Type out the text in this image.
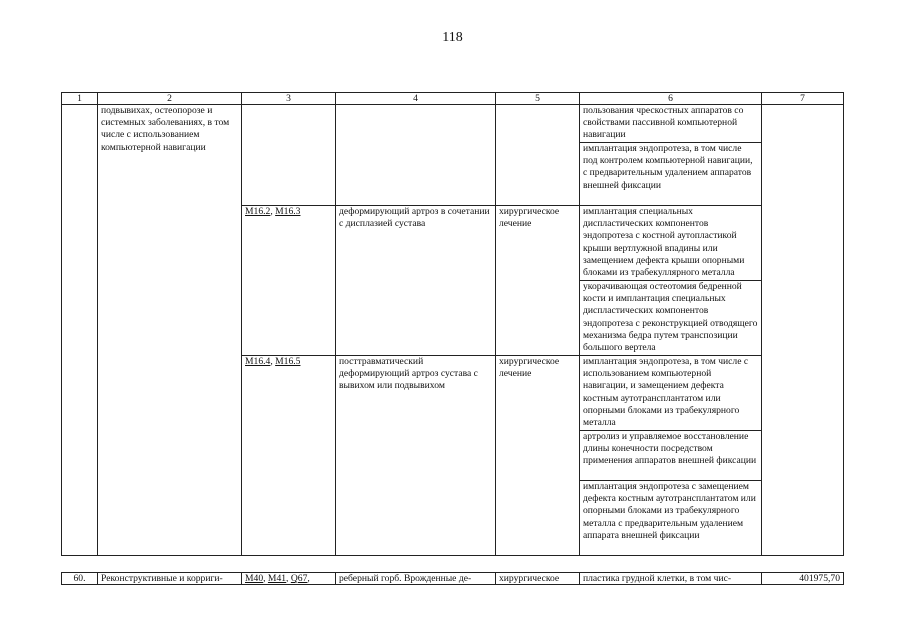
118
1	2	3	4	5	6	7
	подвывихах, остеопорозе и системных заболеваниях, в том числе с использованием компьютерной навигации				пользования чрескостных аппаратов со свойствами пассивной компьютерной навигации	
					имплантация эндопротеза, в том числе под контролем компьютерной навигации, с предварительным удалением аппаратов внешней фиксации	
		M16.2, M16.3	деформирующий артроз в сочетании с дисплазией сустава	хирургическое лечение	имплантация специальных диспластических компонентов эндопротеза с костной аутопластикой крыши вертлужной впадины или замещением дефекта крыши опорными блоками из трабекуллярного металла	
					укорачивающая остеотомия бедренной кости и имплантация специальных диспластических компонентов эндопротеза с реконструкцией отводящего механизма бедра путем транспозиции большого вертела	
		M16.4, M16.5	посттравматический деформирующий артроз сустава с вывихом или подвывихом	хирургическое лечение	имплантация эндопротеза, в том числе с использованием компьютерной навигации, и замещением дефекта костным аутотрансплантатом или опорными блоками из трабекулярного металла	
					артролиз и управляемое восстановление длины конечности посредством применения аппаратов внешней фиксации	
					имплантация эндопротеза с замещением дефекта костным аутотрансплантатом или опорными блоками из трабекулярного металла с предварительным удалением аппарата внешней фиксации	
60.	Реконструктивные и корриги-	M40, M41, Q67,	реберный горб. Врожденные де-	хирургическое	пластика грудной клетки, в том чис-	401975,70
